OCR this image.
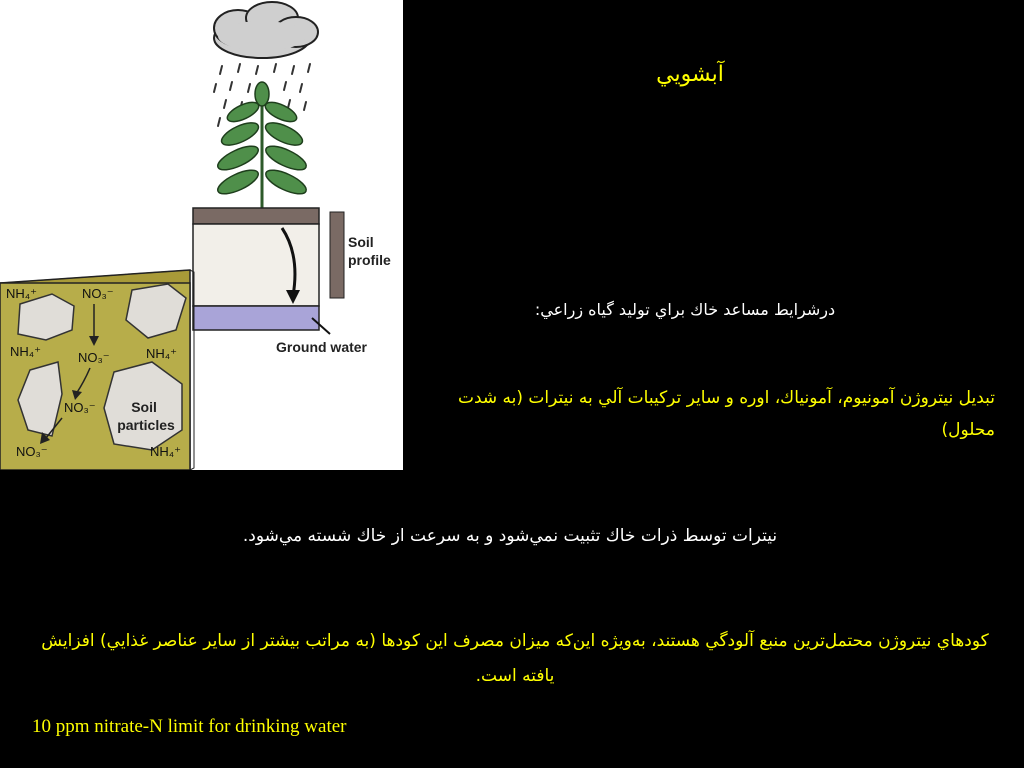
Soil profile
Ground water
Soil particles
NH₄⁺	NO₃⁻
NH₄⁺	NO₃⁻	NH₄⁺
NO₃⁻
NO₃⁻	NH₄⁺
آبشويي
درشرايط مساعد خاك براي توليد گياه زراعي:
تبديل نيتروژن آمونيوم، آمونياك، اوره و ساير تركيبات آلي به نيترات (به شدت محلول)
نيترات توسط ذرات خاك تثبيت نمي‌شود و به سرعت از خاك شسته مي‌شود.
كودهاي نيتروژن محتمل‌ترين منبع آلودگي هستند، به‌ويژه اين‌كه ميزان مصرف اين كودها (به مراتب بيشتر از ساير عناصر غذايي) افزايش يافته است.
10 ppm nitrate-N limit for drinking water
